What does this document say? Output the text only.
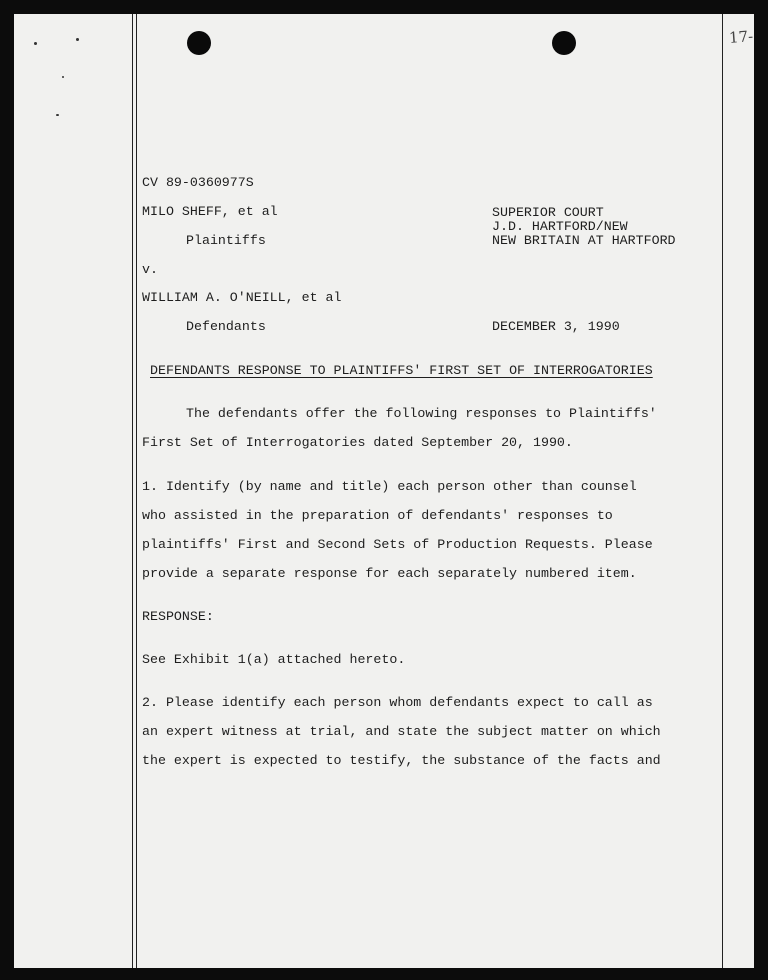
17-

CV 89-0360977S

MILO SHEFF, et al

Plaintiffs

v.

WILLIAM A. O'NEILL, et al

Defendants

SUPERIOR COURT

J.D. HARTFORD/NEW

NEW BRITAIN AT HARTFORD

DECEMBER 3, 1990

DEFENDANTS RESPONSE TO PLAINTIFFS' FIRST SET OF INTERROGATORIES

The defendants offer the following responses to Plaintiffs'

First Set of Interrogatories dated September 20, 1990.

1. Identify (by name and title) each person other than counsel

who assisted in the preparation of defendants' responses to

plaintiffs' First and Second Sets of Production Requests. Please

provide a separate response for each separately numbered item.

RESPONSE:

See Exhibit 1(a) attached hereto.

2. Please identify each person whom defendants expect to call as

an expert witness at trial, and state the subject matter on which

the expert is expected to testify, the substance of the facts and
